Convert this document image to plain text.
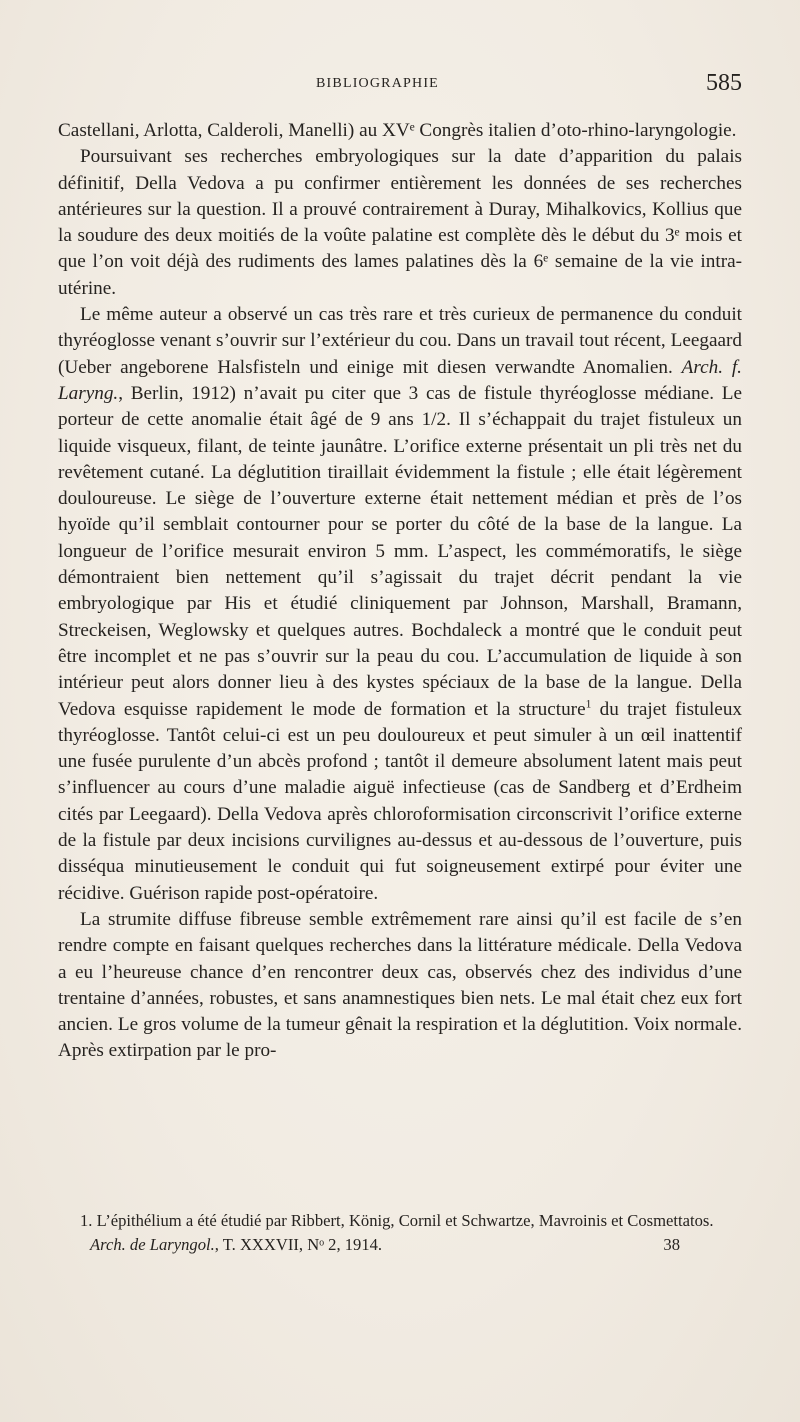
BIBLIOGRAPHIE	585

Castellani, Arlotta, Calderoli, Manelli) au XVᵉ Congrès italien d’oto-rhino-laryngologie.

Poursuivant ses recherches embryologiques sur la date d’apparition du palais définitif, Della Vedova a pu confirmer entièrement les données de ses recherches antérieures sur la question. Il a prouvé contrairement à Duray, Mihalkovics, Kollius que la soudure des deux moitiés de la voûte palatine est complète dès le début du 3ᵉ mois et que l’on voit déjà des rudiments des lames palatines dès la 6ᵉ semaine de la vie intra-utérine.

Le même auteur a observé un cas très rare et très curieux de permanence du conduit thyréoglosse venant s’ouvrir sur l’extérieur du cou. Dans un travail tout récent, Leegaard (Ueber angeborene Halsfisteln und einige mit diesen verwandte Anomalien. Arch. f. Laryng., Berlin, 1912) n’avait pu citer que 3 cas de fistule thyréoglosse médiane. Le porteur de cette anomalie était âgé de 9 ans 1/2. Il s’échappait du trajet fistuleux un liquide visqueux, filant, de teinte jaunâtre. L’orifice externe présentait un pli très net du revêtement cutané. La déglutition tiraillait évidemment la fistule ; elle était légèrement douloureuse. Le siège de l’ouverture externe était nettement médian et près de l’os hyoïde qu’il semblait contourner pour se porter du côté de la base de la langue. La longueur de l’orifice mesurait environ 5 mm. L’aspect, les commémoratifs, le siège démontraient bien nettement qu’il s’agissait du trajet décrit pendant la vie embryologique par His et étudié cliniquement par Johnson, Marshall, Bramann, Streckeisen, Weglowsky et quelques autres. Bochdaleck a montré que le conduit peut être incomplet et ne pas s’ouvrir sur la peau du cou. L’accumulation de liquide à son intérieur peut alors donner lieu à des kystes spéciaux de la base de la langue. Della Vedova esquisse rapidement le mode de formation et la structure$^1$ du trajet fistuleux thyréoglosse. Tantôt celui-ci est un peu douloureux et peut simuler à un œil inattentif une fusée purulente d’un abcès profond ; tantôt il demeure absolument latent mais peut s’influencer au cours d’une maladie aiguë infectieuse (cas de Sandberg et d’Erdheim cités par Leegaard). Della Vedova après chloroformisation circonscrivit l’orifice externe de la fistule par deux incisions curvilignes au-dessus et au-dessous de l’ouverture, puis disséqua minutieusement le conduit qui fut soigneusement extirpé pour éviter une récidive. Guérison rapide post-opératoire.

La strumite diffuse fibreuse semble extrêmement rare ainsi qu’il est facile de s’en rendre compte en faisant quelques recherches dans la littérature médicale. Della Vedova a eu l’heureuse chance d’en rencontrer deux cas, observés chez des individus d’une trentaine d’années, robustes, et sans anamnestiques bien nets. Le mal était chez eux fort ancien. Le gros volume de la tumeur gênait la respiration et la déglutition. Voix normale. Après extirpation par le pro-

1. L’épithélium a été étudié par Ribbert, König, Cornil et Schwartze, Mavroinis et Cosmettatos.
Arch. de Laryngol., T. XXXVII, Nᵒ 2, 1914.	38
